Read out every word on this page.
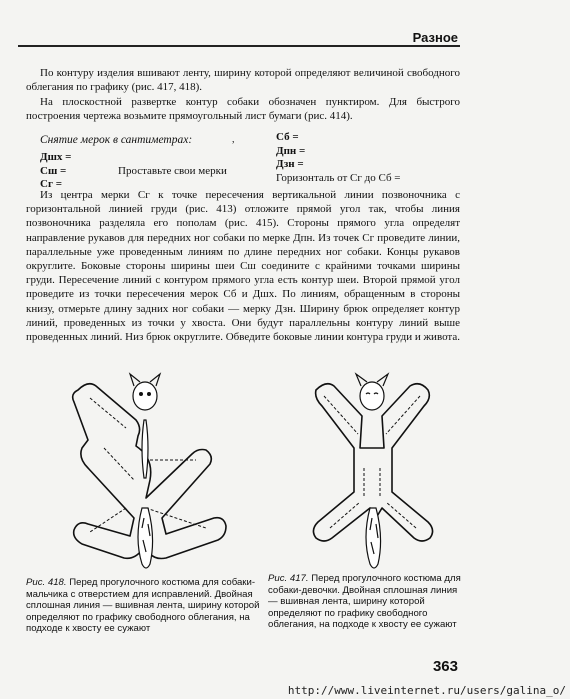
Разное
По контуру изделия вшивают ленту, ширину которой определяют величиной свободного облегания по графику (рис. 417, 418).
На плоскостной развертке контур собаки обозначен пунктиром. Для быстрого построения чертежа возьмите прямоугольный лист бумаги (рис. 414).
Снятие мерок в сантиметрах:	,
Дшх =
Сш =
Сг =
Проставьте свои мерки
Сб =
Дпн =
Дзн =
Горизонталь от Сг до Сб =
Из центра мерки Сг к точке пересечения вертикальной линии позвоночника с горизонтальной линией груди (рис. 413) отложите прямой угол так, чтобы линия позвоночника разделяла его пополам (рис. 415). Стороны прямого угла определят направление рукавов для передних ног собаки по мерке Дпн. Из точек Сг проведите линии, параллельные уже проведенным линиям по длине передних ног собаки. Концы рукавов округлите. Боковые стороны ширины шеи Сш соедините с крайними точками ширины груди. Пересечение линий с контуром прямого угла есть контур шеи. Второй прямой угол проведите из точки пересечения мерок Сб и Дшх. По линиям, обращенным в стороны книзу, отмерьте длину задних ног собаки — мерку Дзн. Ширину брюк определяет контур линий, проведенных из точки у хвоста. Они будут параллельны контуру линий выше проведенных линий. Низ брюк округлите. Обведите боковые линии контура груди и живота.
Рис. 418. Перед прогулочного костюма для собаки-мальчика с отверстием для исправлений. Двойная сплошная линия — вшивная лента, ширину которой определяют по графику свободного облегания, на подходе к хвосту ее сужают
Рис. 417. Перед прогулочного костюма для собаки-девочки. Двойная сплошная линия — вшивная лента, ширину которой определяют по графику свободного облегания, на подходе к хвосту ее сужают
363
http://www.liveinternet.ru/users/galina_o/
